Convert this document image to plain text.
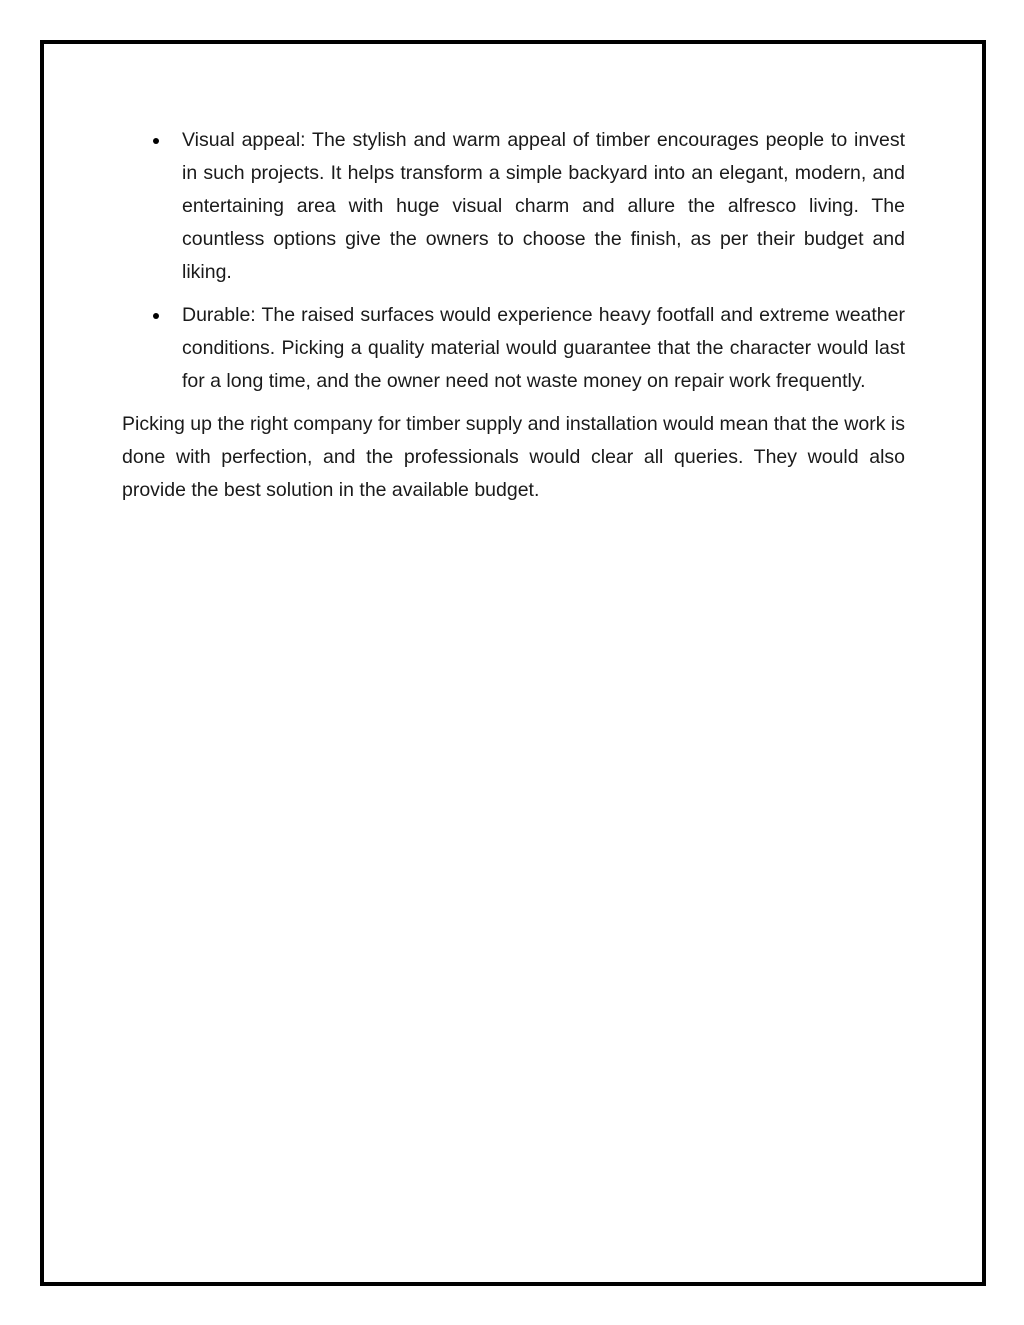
Visual appeal: The stylish and warm appeal of timber encourages people to invest in such projects. It helps transform a simple backyard into an elegant, modern, and entertaining area with huge visual charm and allure the alfresco living. The countless options give the owners to choose the finish, as per their budget and liking.
Durable: The raised surfaces would experience heavy footfall and extreme weather conditions. Picking a quality material would guarantee that the character would last for a long time, and the owner need not waste money on repair work frequently.

Picking up the right company for timber supply and installation would mean that the work is done with perfection, and the professionals would clear all queries. They would also provide the best solution in the available budget.
